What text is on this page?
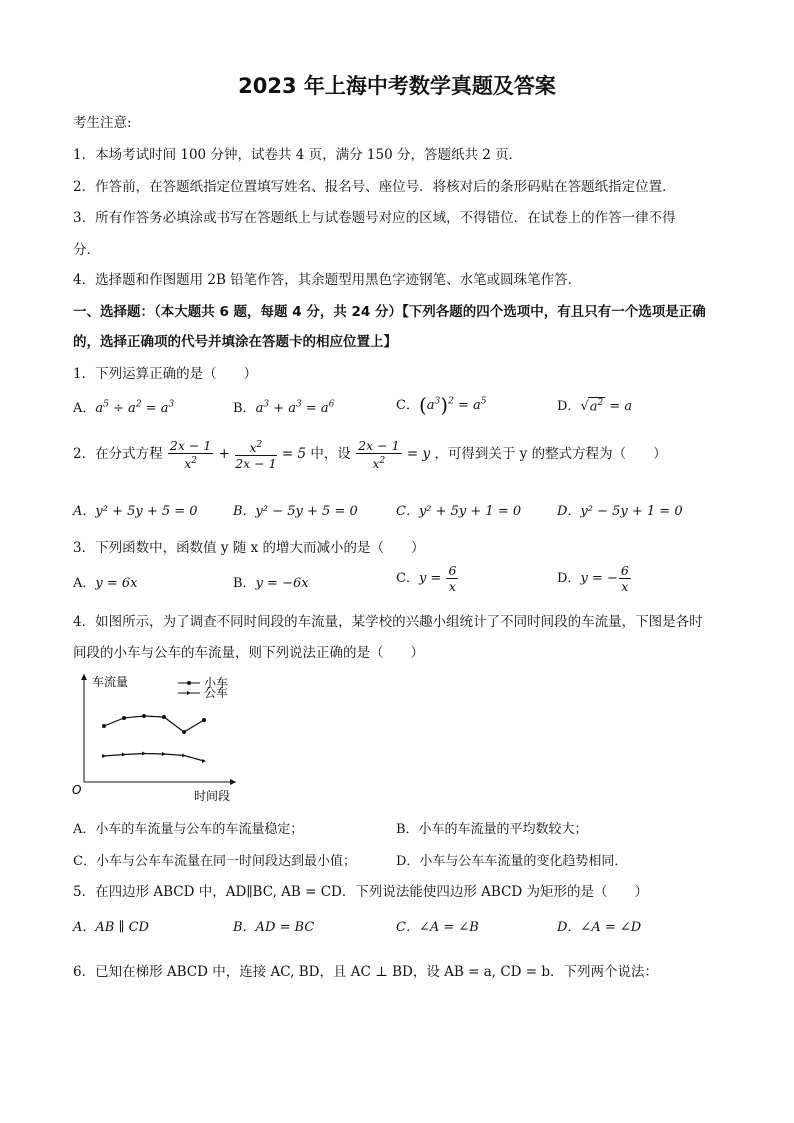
2023 年上海中考数学真题及答案
考生注意:
1．本场考试时间 100 分钟，试卷共 4 页，满分 150 分，答题纸共 2 页．
2．作答前，在答题纸指定位置填写姓名、报名号、座位号．将核对后的条形码贴在答题纸指定位置．
3．所有作答务必填涂或书写在答题纸上与试卷题号对应的区域，不得错位．在试卷上的作答一律不得
分．
4．选择题和作图题用 2B 铅笔作答，其余题型用黑色字迹钢笔、水笔或圆珠笔作答．
一、选择题：（本大题共 6 题，每题 4 分，共 24 分）【下列各题的四个选项中，有且只有一个选项是正确
的，选择正确项的代号并填涂在答题卡的相应位置上】
1．下列运算正确的是（　　）
A．$a^5 \div a^2 = a^3$	B．$a^3 + a^3 = a^6$	C．$(a^3)^2 = a^5$	D．$√a^2 = a$
2．在分式方程 $\frac{2x - 1}{x^2} + \frac{x^2}{2x - 1} = 5$ 中，设 $\frac{2x - 1}{x^2} = y$ ，可得到关于 y 的整式方程为（　　）
A．y² + 5y + 5 = 0	B．y² − 5y + 5 = 0	C．y² + 5y + 1 = 0	D．y² − 5y + 1 = 0
3．下列函数中，函数值 y 随 x 的增大而减小的是（　　）
A．y = 6x	B．y = −6x	C．$y = \frac{6}{x}$	D．y = − $\frac{6}{x}$
4．如图所示，为了调查不同时间段的车流量，某学校的兴趣小组统计了不同时间段的车流量，下图是各时
间段的小车与公车的车流量，则下列说法正确的是（　　）
车流量
时间段
O
小车
公车
A．小车的车流量与公车的车流量稳定；	B．小车的车流量的平均数较大；
C．小车与公车车流量在同一时间段达到最小值；	D．小车与公车车流量的变化趋势相同．
5．在四边形 ABCD 中，AD∥BC, AB = CD．下列说法能使四边形 ABCD 为矩形的是（　　）
A．AB ∥ CD	B．AD = BC	C．∠A = ∠B	D．∠A = ∠D
6．已知在梯形 ABCD 中，连接 AC, BD，且 AC ⊥ BD，设 AB = a, CD = b．下列两个说法：
